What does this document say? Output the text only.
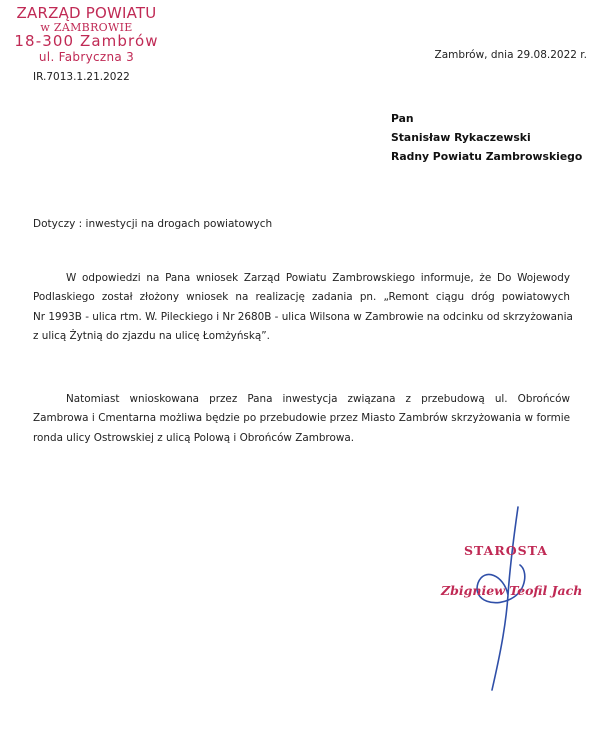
ZARZĄD POWIATU
w ZAMBROWIE
18-300 Zambrów
ul. Fabryczna 3
IR.7013.1.21.2022
Zambrów, dnia 29.08.2022 r.
Pan
Stanisław Rykaczewski
Radny Powiatu Zambrowskiego
Dotyczy : inwestycji na drogach powiatowych
W odpowiedzi na Pana wniosek Zarząd Powiatu Zambrowskiego informuje, że Do Wojewody
Podlaskiego został złożony wniosek na realizację zadania pn. „Remont ciągu dróg powiatowych
Nr 1993B - ulica rtm. W. Pileckiego i Nr 2680B - ulica Wilsona w Zambrowie na odcinku od skrzyżowania
z ulicą Żytnią do zjazdu na ulicę Łomżyńską”.
Natomiast wnioskowana przez Pana inwestycja związana z przebudową ul. Obrońców
Zambrowa i Cmentarna możliwa będzie po przebudowie przez Miasto Zambrów skrzyżowania w formie
ronda ulicy Ostrowskiej z ulicą Polową i Obrońców Zambrowa.
STAROSTA
Zbigniew Teofil Jach
